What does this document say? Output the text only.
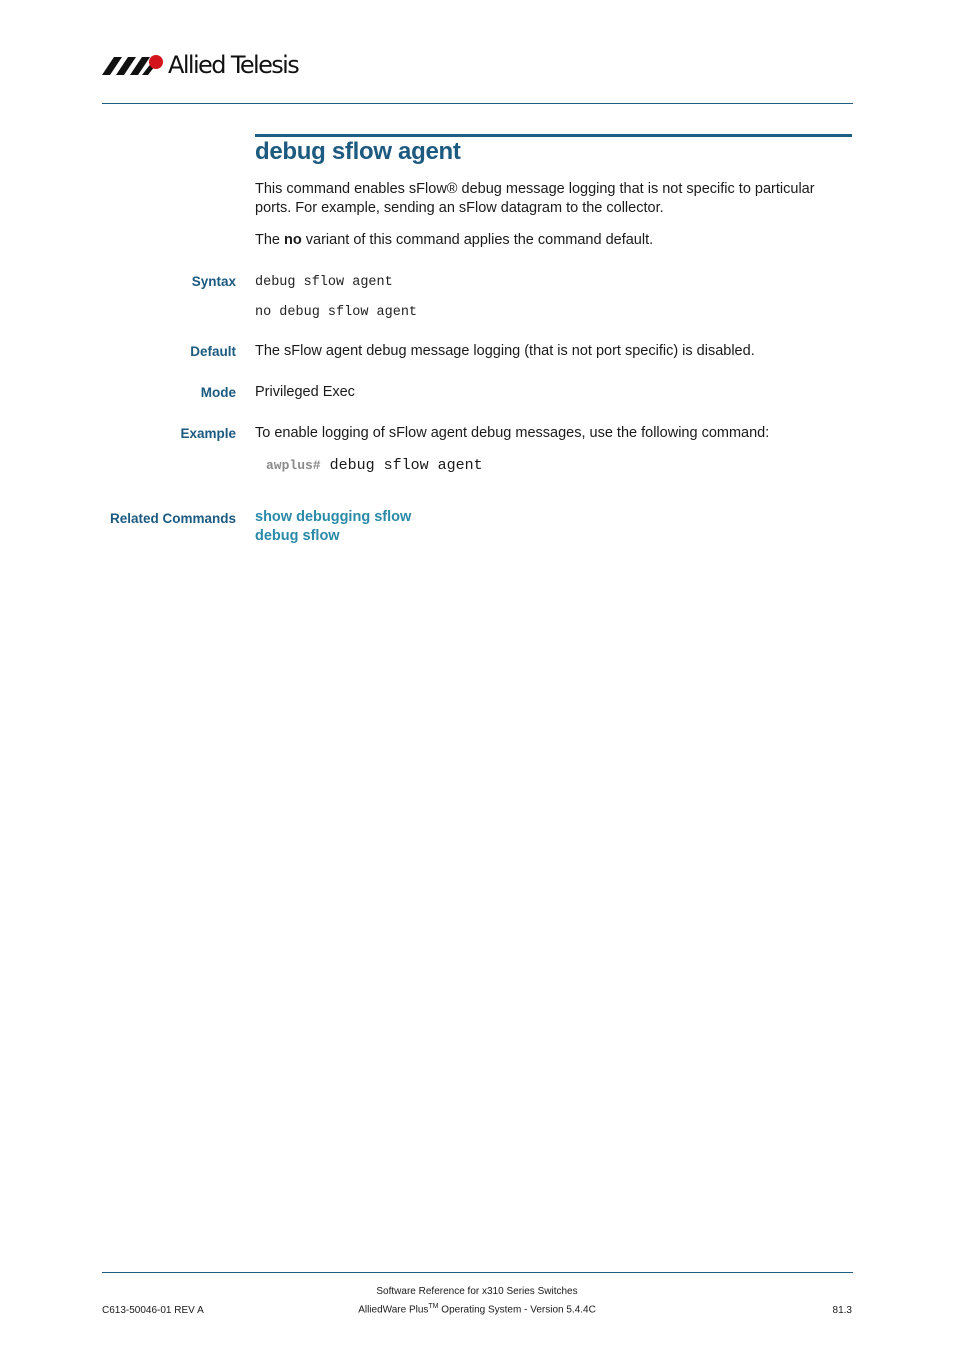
Allied Telesis
debug sflow agent

This command enables sFlow® debug message logging that is not specific to particular ports. For example, sending an sFlow datagram to the collector.

The no variant of this command applies the command default.

Syntax debug sflow agent
no debug sflow agent
Default The sFlow agent debug message logging (that is not port specific) is disabled.

Mode Privileged Exec

Example To enable logging of sFlow agent debug messages, use the following command:

awplus# debug sflow agent
Related Commands show debugging sflow
debug sflow
C613-50046-01 REV A
Software Reference for x310 Series Switches
AlliedWare Plus™ Operating System - Version 5.4.4C	81.3
